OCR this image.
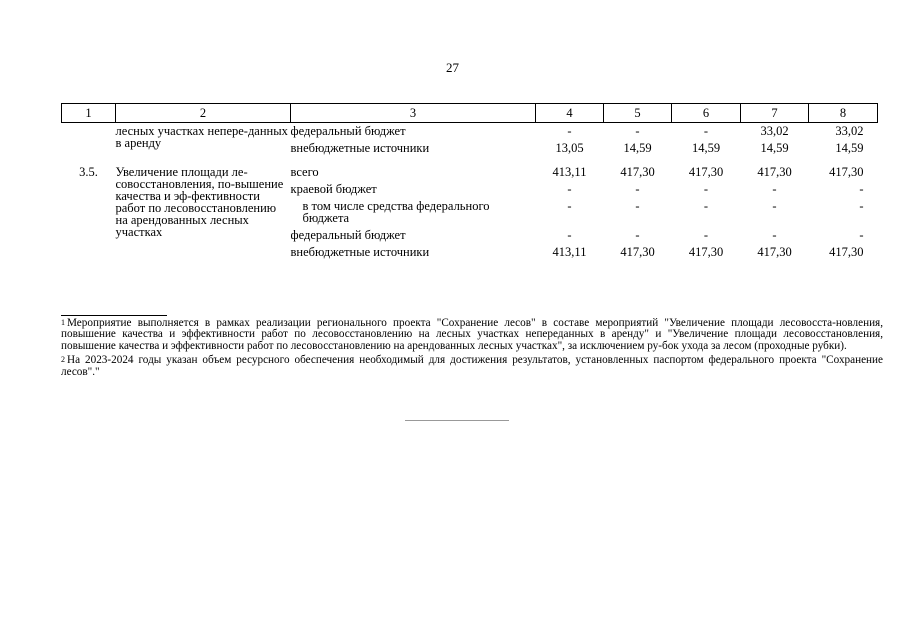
27
1	2	3	4	5	6	7	8
	лесных участках непере-данных в аренду	федеральный бюджет	-	-	-	33,02	33,02
		внебюджетные источники	13,05	14,59	14,59	14,59	14,59
3.5.	Увеличение площади ле-совосстановления, по-вышение качества и эф-фективности работ по лесовосстановлению на арендованных лесных участках	всего	413,11	417,30	417,30	417,30	417,30
		краевой бюджет	-	-	-	-	-
		в том числе средства федерального бюджета	-	-	-	-	-
		федеральный бюджет	-	-	-	-	-
		внебюджетные источники	413,11	417,30	417,30	417,30	417,30

$^1$ Мероприятие выполняется в рамках реализации регионального проекта "Сохранение лесов" в составе мероприятий "Увеличение площади лесовосста-новления, повышение качества и эффективности работ по лесовосстановлению на лесных участках непереданных в аренду" и "Увеличение площади лесовосстановления, повышение качества и эффективности работ по лесовосстановлению на арендованных лесных участках", за исключением ру-бок ухода за лесом (проходные рубки).

$^2$ На 2023-2024 годы указан объем ресурсного обеспечения необходимый для достижения результатов, установленных паспортом федерального проекта "Сохранение лесов"."
